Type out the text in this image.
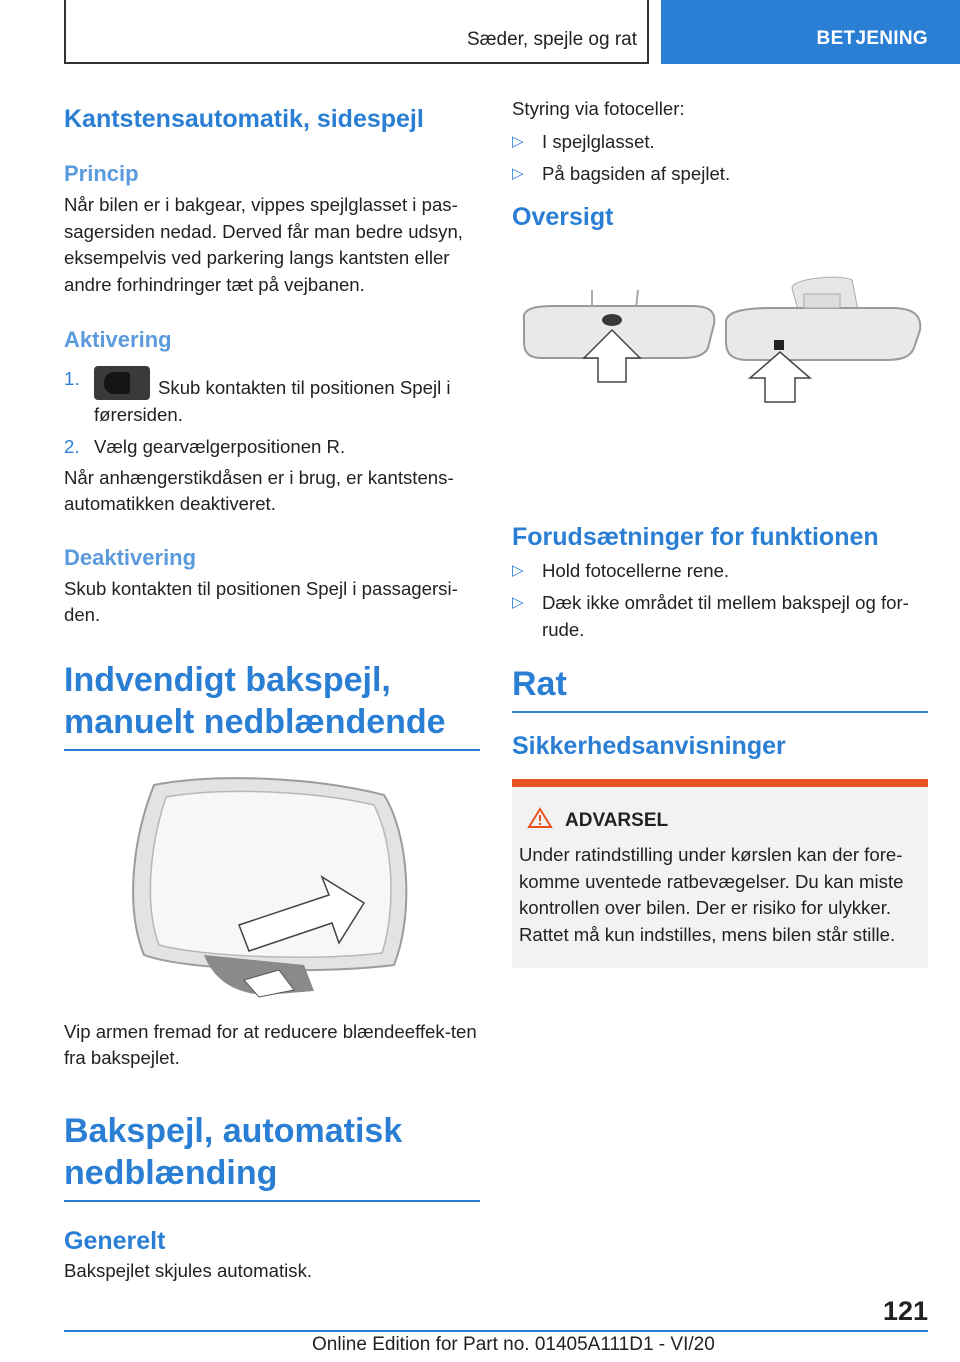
Sæder, spejle og rat	BETJENING
Kantstensautomatik, sidespejl
Princip

Når bilen er i bakgear, vippes spejlglasset i pas-sagersiden nedad. Derved får man bedre udsyn, eksempelvis ved parkering langs kantsten eller andre forhindringer tæt på vejbanen.

Aktivering
1.	Skub kontakten til positionen Spejl i førersiden.
2. Vælg gearvælgerpositionen R.

Når anhængerstikdåsen er i brug, er kantstens-automatikken deaktiveret.

Deaktivering

Skub kontakten til positionen Spejl i passagersi-den.

Indvendigt bakspejl,
manuelt nedblændende

Vip armen fremad for at reducere blændeeffek-ten fra bakspejlet.

Bakspejl, automatisk
nedblænding
Generelt

Bakspejlet skjules automatisk.

Styring via fotoceller:

▷ I spejlglasset.
▷ På bagsiden af spejlet.
Oversigt
Forudsætninger for funktionen
▷ Hold fotocellerne rene.
▷ Dæk ikke området til mellem bakspejl og for-rude.
Rat
Sikkerhedsanvisninger
ADVARSEL

Under ratindstilling under kørslen kan der fore-komme uventede ratbevægelser. Du kan miste kontrollen over bilen. Der er risiko for ulykker. Rattet må kun indstilles, mens bilen står stille.

121
Online Edition for Part no. 01405A111D1 - VI/20
